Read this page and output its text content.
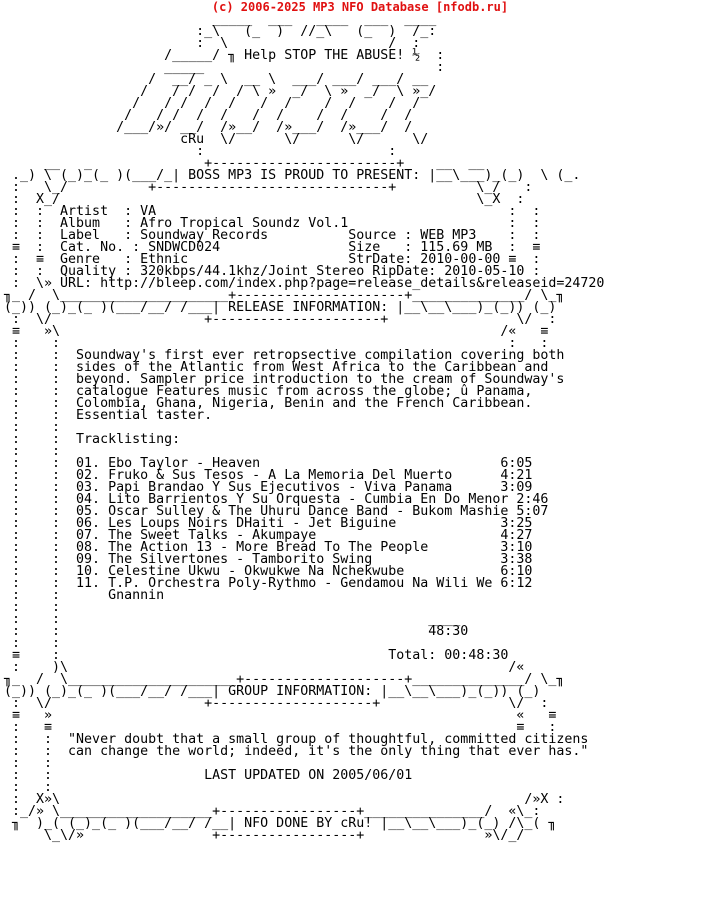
(c) 2006-2025 MP3 NFO Database [nfodb.ru]
_____  ___   ____  ___  ____
:_\   (_  )  //_\   (_  )  /_:
:  \                    /  :
/_____/ ╖ Help STOP THE ABUSE! ½  :
_____                             :
/  __/ _ \  __ \  ___/ ___/ ___/ __
/   / /  /  / \ »  _/  \ »  _/  \ »_/
/   / /  /  /   /  /    /  /    /  /
/   / /  /  /   /  /    /  /    /  /
/___/»/ __/  /»__/  /»___/  /»___/  /
cRu  \/      \/      \/      \/
:                       :
__   _              +-----------------------+    __  __
._) \ (_)_(_ )(___/_| BOSS MP3 IS PROUD TO PRESENT: |__\___)_(_)  \ (_.
:   \_/          +-----------------------------+          \_/   :
:  X_/                                                    \_X  :
:  :  Artist  : VA                                            :  :
:  :  Album   : Afro Tropical Soundz Vol.1                    :  :
:  :  Label   : Soundway Records          Source : WEB MP3    :  :
≡  :  Cat. No. : SNDWCD024                Size   : 115.69 MB  :  ≡
:  ≡  Genre   : Ethnic                    StrDate: 2010-00-00 ≡  :
:  :  Quality : 320kbps/44.1khz/Joint Stereo RipDate: 2010-05-10 :
:  \» URL: http://bleep.com/index.php?page=release_details&releaseid=24720
╖_ /  \_____________________+---------------------+______________/ \_╖
(_)) (_)_(_ )(___/__/ /___| RELEASE INFORMATION: |__\__\___)_(_)) (_)
:  \/                   +---------------------+                \/  :
≡   »\                                                       /«   ≡
:    :                                                        :   :
:    :  Soundway's first ever retropsective compilation covering both
:    :  sides of the Atlantic from West Africa to the Caribbean and
:    :  beyond. Sampler price introduction to the cream of Soundway's
:    :  catalogue Features music from across the globe; û Panama,
:    :  Colombia, Ghana, Nigeria, Benin and the French Caribbean.
:    :  Essential taster.
:    :
:    :  Tracklisting:
:    :
:    :  01. Ebo Taylor - Heaven                              6:05
:    :  02. Fruko & Sus Tesos - A La Memoria Del Muerto      4:21
:    :  03. Papi Brandao Y Sus Ejecutivos - Viva Panama      3:09
:    :  04. Lito Barrientos Y Su Orquesta - Cumbia En Do Menor 2:46
:    :  05. Oscar Sulley & The Uhuru Dance Band - Bukom Mashie 5:07
:    :  06. Les Loups Noirs DHaiti - Jet Biguine             3:25
:    :  07. The Sweet Talks - Akumpaye                       4:27
:    :  08. The Action 13 - More Bread To The People         3:10
:    :  09. The Silvertones - Tamborito Swing                3:38
:    :  10. Celestine Ukwu - Okwukwe Na Nchekwube            6:10
:    :  11. T.P. Orchestra Poly-Rythmo - Gendamou Na Wili We 6:12
:    :      Gnannin
:    :
:    :                                              ____
:    :                                              48:30
:    :
≡    :                                         Total: 00:48:30
:    )\                                                       /«
╖_  /  \_____________________+--------------------+______________/ \_╖
(_)) (_)_(_ )(___/__/ /___| GROUP INFORMATION: |__\__\___)_(_)) (_)
:  \/                   +--------------------+                \/  :
≡   »                                                          «   ≡
:   ≡                                                          ≡   :
:   :  "Never doubt that a small group of thoughtful, committed citizens
:   :  can change the world; indeed, it's the only thing that ever has."
:   :
:   :                   LAST UPDATED ON 2005/06/01
:   :
:  X»\                                                          /»X :
:_/» \___________________+-----------------+_______________/  «\_:
╖  )_( (_)_(_ )(___/__/ /__| NFO DONE BY cRu! |__\__\___)_(_) /\_( ╖
\_\/»                +-----------------+               »\/_/
